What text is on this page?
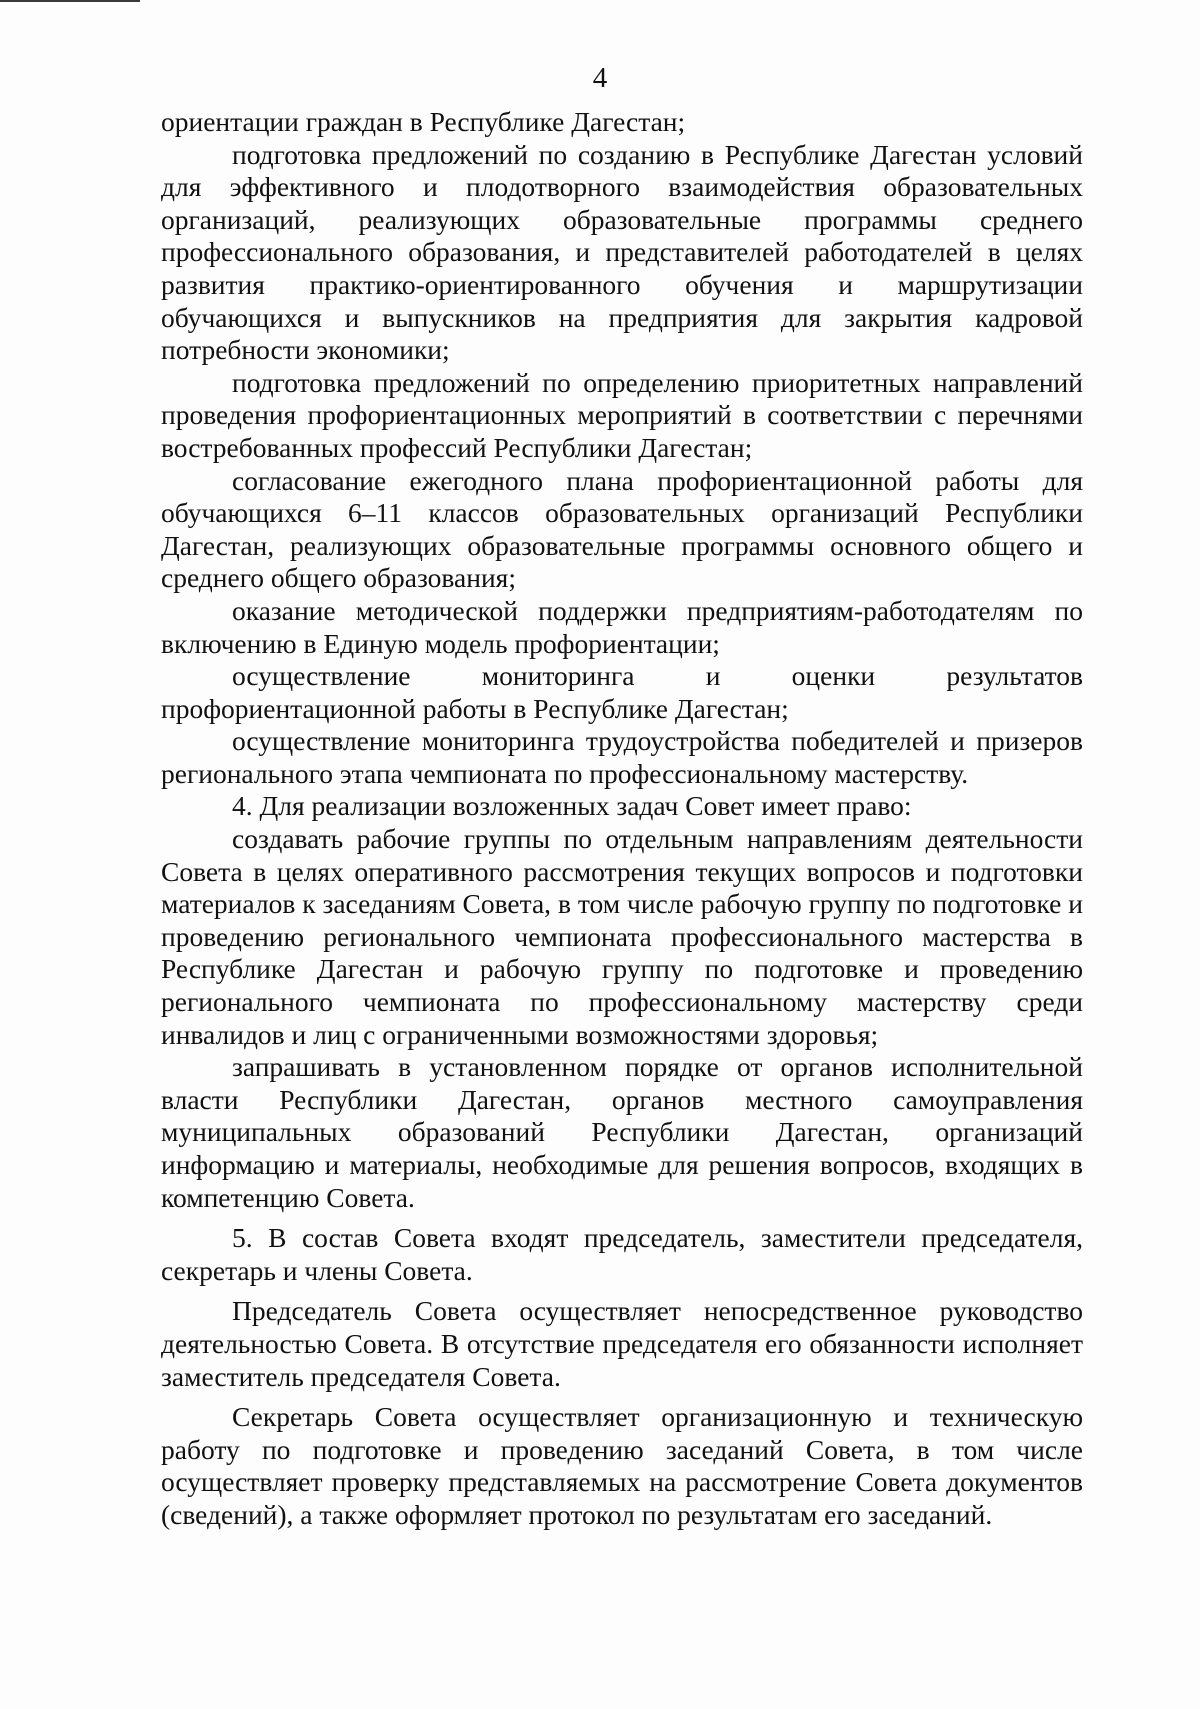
4

ориентации граждан в Республике Дагестан;

подготовка предложений по созданию в Республике Дагестан условий для эффективного и плодотворного взаимодействия образовательных организаций, реализующих образовательные программы среднего профессионального образования, и представителей работодателей в целях развития практико-ориентированного обучения и маршрутизации обучающихся и выпускников на предприятия для закрытия кадровой потребности экономики;

подготовка предложений по определению приоритетных направлений проведения профориентационных мероприятий в соответствии с перечнями востребованных профессий Республики Дагестан;

согласование ежегодного плана профориентационной работы для обучающихся 6–11 классов образовательных организаций Республики Дагестан, реализующих образовательные программы основного общего и среднего общего образования;

оказание методической поддержки предприятиям-работодателям по включению в Единую модель профориентации;

осуществление мониторинга и оценки результатов профориентационной работы в Республике Дагестан;

осуществление мониторинга трудоустройства победителей и призеров регионального этапа чемпионата по профессиональному мастерству.

4. Для реализации возложенных задач Совет имеет право:

создавать рабочие группы по отдельным направлениям деятельности Совета в целях оперативного рассмотрения текущих вопросов и подготовки материалов к заседаниям Совета, в том числе рабочую группу по подготовке и проведению регионального чемпионата профессионального мастерства в Республике Дагестан и рабочую группу по подготовке и проведению регионального чемпионата по профессиональному мастерству среди инвалидов и лиц с ограниченными возможностями здоровья;

запрашивать в установленном порядке от органов исполнительной власти Республики Дагестан, органов местного самоуправления муниципальных образований Республики Дагестан, организаций информацию и материалы, необходимые для решения вопросов, входящих в компетенцию Совета.

5. В состав Совета входят председатель, заместители председателя, секретарь и члены Совета.

Председатель Совета осуществляет непосредственное руководство деятельностью Совета. В отсутствие председателя его обязанности исполняет заместитель председателя Совета.

Секретарь Совета осуществляет организационную и техническую работу по подготовке и проведению заседаний Совета, в том числе осуществляет проверку представляемых на рассмотрение Совета документов (сведений), а также оформляет протокол по результатам его заседаний.
